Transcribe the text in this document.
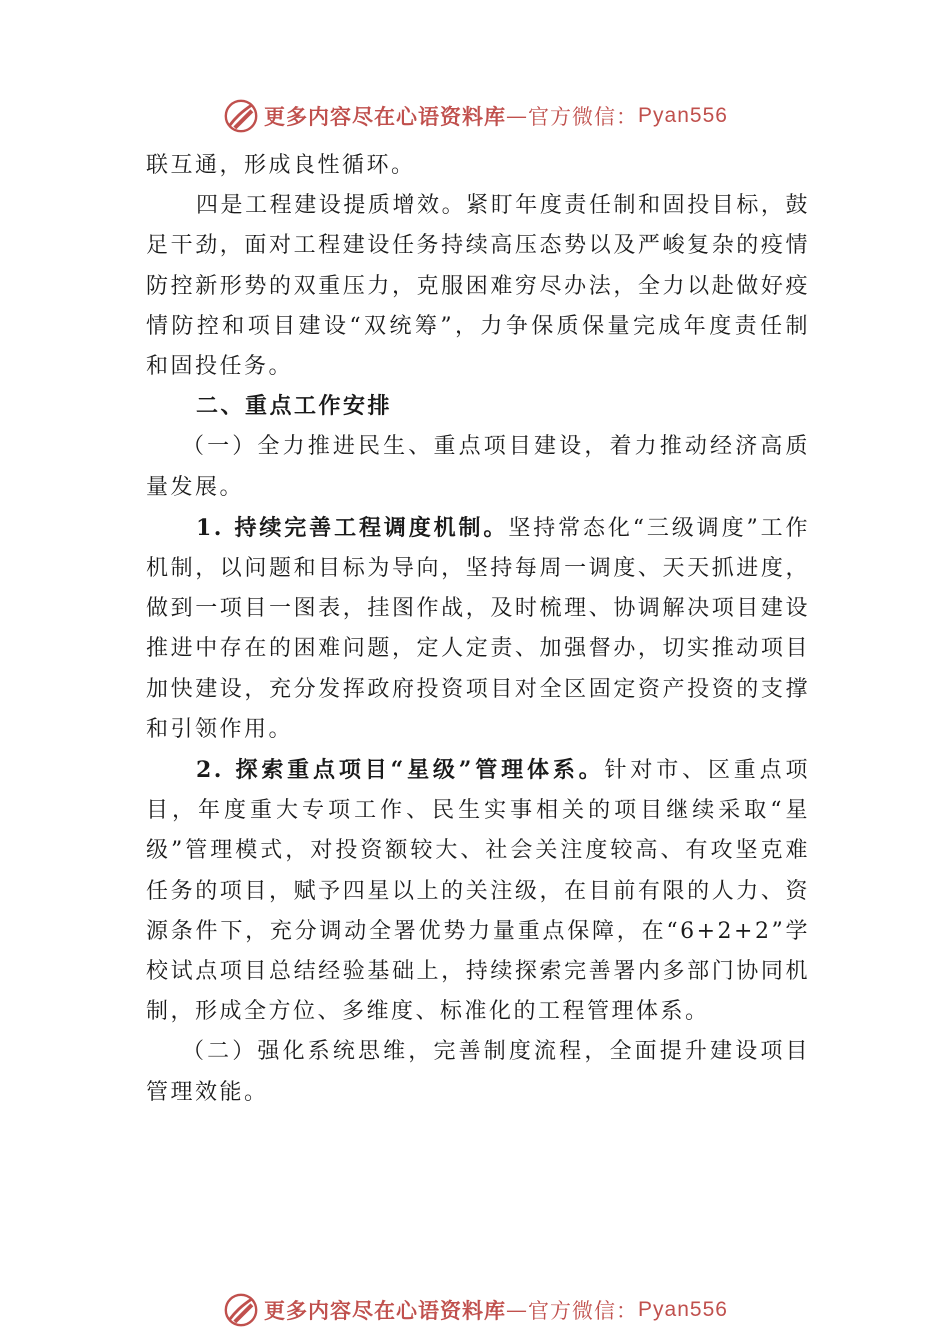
更多内容尽在心语资料库 — 官方微信： Pyan556

联互通，形成良性循环。

四是工程建设提质增效。紧盯年度责任制和固投目标，鼓足干劲，面对工程建设任务持续高压态势以及严峻复杂的疫情防控新形势的双重压力，克服困难穷尽办法，全力以赴做好疫情防控和项目建设“双统筹”，力争保质保量完成年度责任制和固投任务。

二、重点工作安排

（一）全力推进民生、重点项目建设，着力推动经济高质量发展。

1. 持续完善工程调度机制。坚持常态化“三级调度”工作机制，以问题和目标为导向，坚持每周一调度、天天抓进度，做到一项目一图表，挂图作战，及时梳理、协调解决项目建设推进中存在的困难问题，定人定责、加强督办，切实推动项目加快建设，充分发挥政府投资项目对全区固定资产投资的支撑和引领作用。

2. 探索重点项目“星级”管理体系。针对市、区重点项目，年度重大专项工作、民生实事相关的项目继续采取“星级”管理模式，对投资额较大、社会关注度较高、有攻坚克难任务的项目，赋予四星以上的关注级，在目前有限的人力、资源条件下，充分调动全署优势力量重点保障，在“6+2+2”学校试点项目总结经验基础上，持续探索完善署内多部门协同机制，形成全方位、多维度、标准化的工程管理体系。

（二）强化系统思维，完善制度流程，全面提升建设项目管理效能。

更多内容尽在心语资料库 — 官方微信： Pyan556
